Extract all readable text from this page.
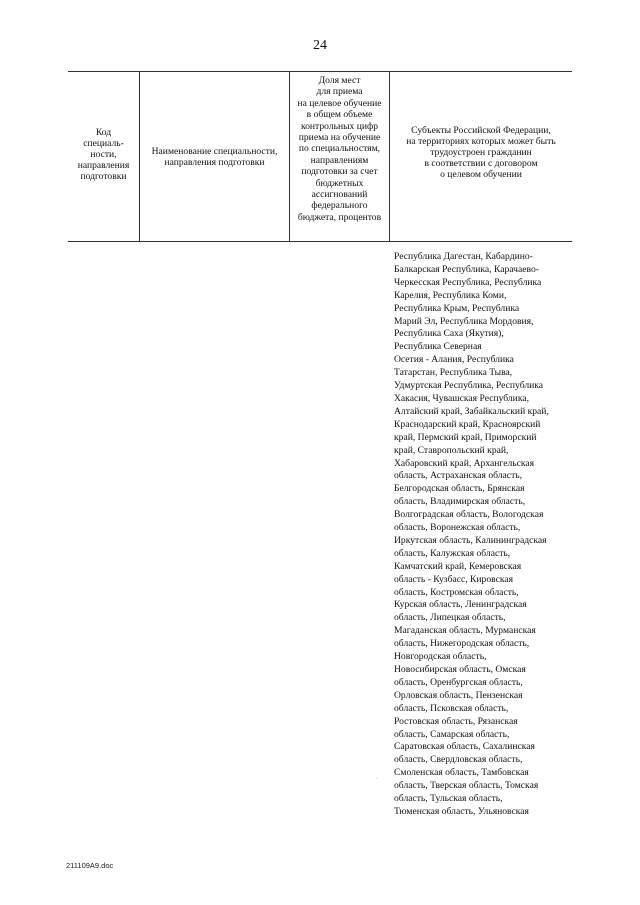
24
Код
специаль-
ности,
направления
подготовки
Наименование специальности,
направления подготовки
Доля мест
для приема
на целевое обучение
в общем объеме
контрольных цифр
приема на обучение
по специальностям,
направлениям
подготовки за счет
бюджетных
ассигнований
федерального
бюджета, процентов
Субъекты Российской Федерации,
на территориях которых может быть
трудоустроен гражданин
в соответствии с договором
о целевом обучении
Республика Дагестан, Кабардино-
Балкарская Республика, Карачаево-
Черкесская Республика, Республика
Карелия, Республика Коми,
Республика Крым, Республика
Марий Эл, Республика Мордовия,
Республика Саха (Якутия),
Республика Северная
Осетия - Алания, Республика
Татарстан, Республика Тыва,
Удмуртская Республика, Республика
Хакасия, Чувашская Республика,
Алтайский край, Забайкальский край,
Краснодарский край, Красноярский
край, Пермский край, Приморский
край, Ставропольский край,
Хабаровский край, Архангельская
область, Астраханская область,
Белгородская область, Брянская
область, Владимирская область,
Волгоградская область, Вологодская
область, Воронежская область,
Иркутская область, Калининградская
область, Калужская область,
Камчатский край, Кемеровская
область - Кузбасс, Кировская
область, Костромская область,
Курская область, Ленинградская
область, Липецкая область,
Магаданская область, Мурманская
область, Нижегородская область,
Новгородская область,
Новосибирская область, Омская
область, Оренбургская область,
Орловская область, Пензенская
область, Псковская область,
Ростовская область, Рязанская
область, Самарская область,
Саратовская область, Сахалинская
область, Свердловская область,
Смоленская область, Тамбовская
область, Тверская область, Томская
область, Тульская область,
Тюменская область, Ульяновская
·
211109A9.doc
